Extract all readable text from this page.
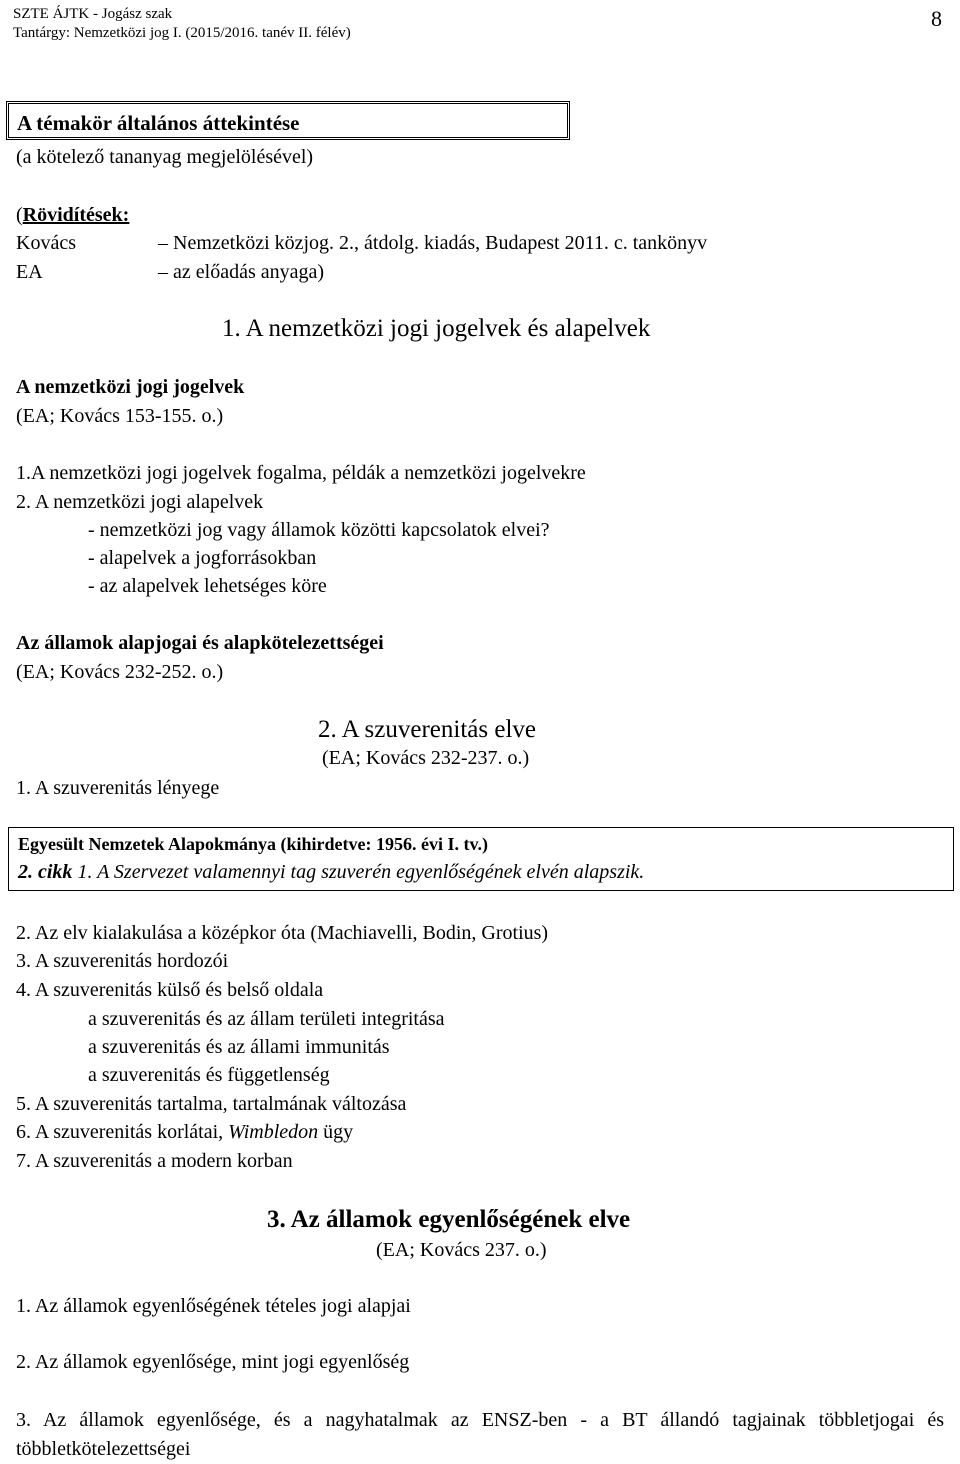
SZTE ÁJTK - Jogász szak
Tantárgy: Nemzetközi jog I. (2015/2016. tanév II. félév)
8
A témakör általános áttekintése
(a kötelező tananyag megjelölésével)
(Rövidítések:
Kovács	– Nemzetközi közjog. 2., átdolg. kiadás, Budapest 2011. c. tankönyv
EA	– az előadás anyaga)
1. A nemzetközi jogi jogelvek és alapelvek
A nemzetközi jogi jogelvek
(EA; Kovács 153-155. o.)
1.A nemzetközi jogi jogelvek fogalma, példák a nemzetközi jogelvekre
2. A nemzetközi jogi alapelvek
- nemzetközi jog vagy államok közötti kapcsolatok elvei?
- alapelvek a jogforrásokban
- az alapelvek lehetséges köre
Az államok alapjogai és alapkötelezettségei
(EA; Kovács 232-252. o.)
2. A szuverenitás elve
(EA; Kovács 232-237. o.)
1. A szuverenitás lényege
Egyesült Nemzetek Alapokmánya (kihirdetve: 1956. évi I. tv.)
2. cikk 1. A Szervezet valamennyi tag szuverén egyenlőségének elvén alapszik.
2. Az elv kialakulása a középkor óta (Machiavelli, Bodin, Grotius)
3. A szuverenitás hordozói
4. A szuverenitás külső és belső oldala
a szuverenitás és az állam területi integritása
a szuverenitás és az állami immunitás
a szuverenitás és függetlenség
5. A szuverenitás tartalma, tartalmának változása
6. A szuverenitás korlátai, Wimbledon ügy
7. A szuverenitás a modern korban
3. Az államok egyenlőségének elve
(EA; Kovács 237. o.)
1. Az államok egyenlőségének tételes jogi alapjai
2. Az államok egyenlősége, mint jogi egyenlőség
3. Az államok egyenlősége, és a nagyhatalmak az ENSZ-ben - a BT állandó tagjainak többletjogai és többletkötelezettségei
